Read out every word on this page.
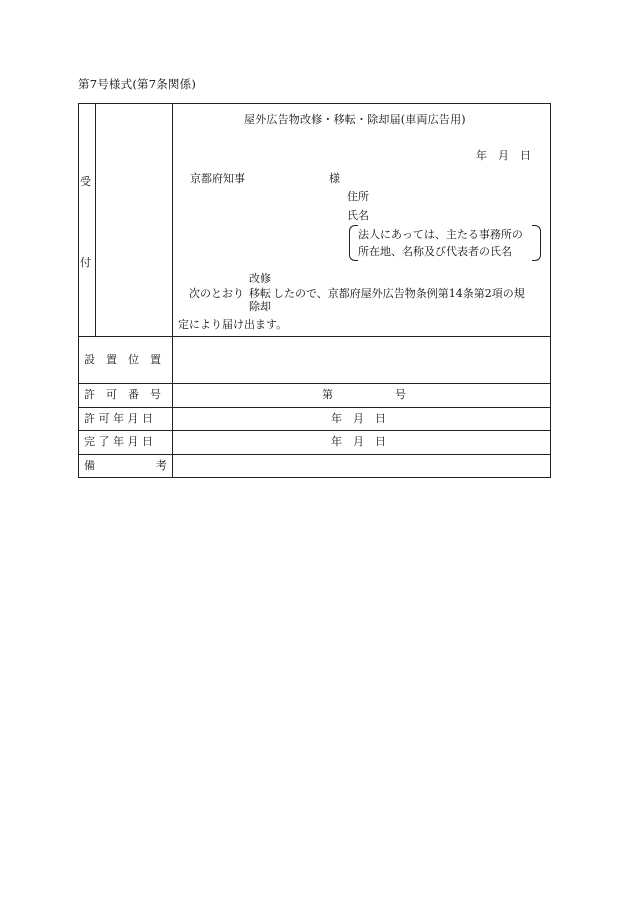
第7号様式(第7条関係)
受
付
屋外広告物改修・移転・除却届(車両広告用)
年　月　日
京都府知事	様
住所
氏名
法人にあっては、主たる事務所の
所在地、名称及び代表者の氏名
改修
移転
除却
次のとおり	したので、京都府屋外広告物条例第14条第2項の規
定により届け出ます。
設　置　位　置
許　可　番　号	第	号
許 可 年 月 日	年　月　日
完 了 年 月 日	年　月　日
備	考
